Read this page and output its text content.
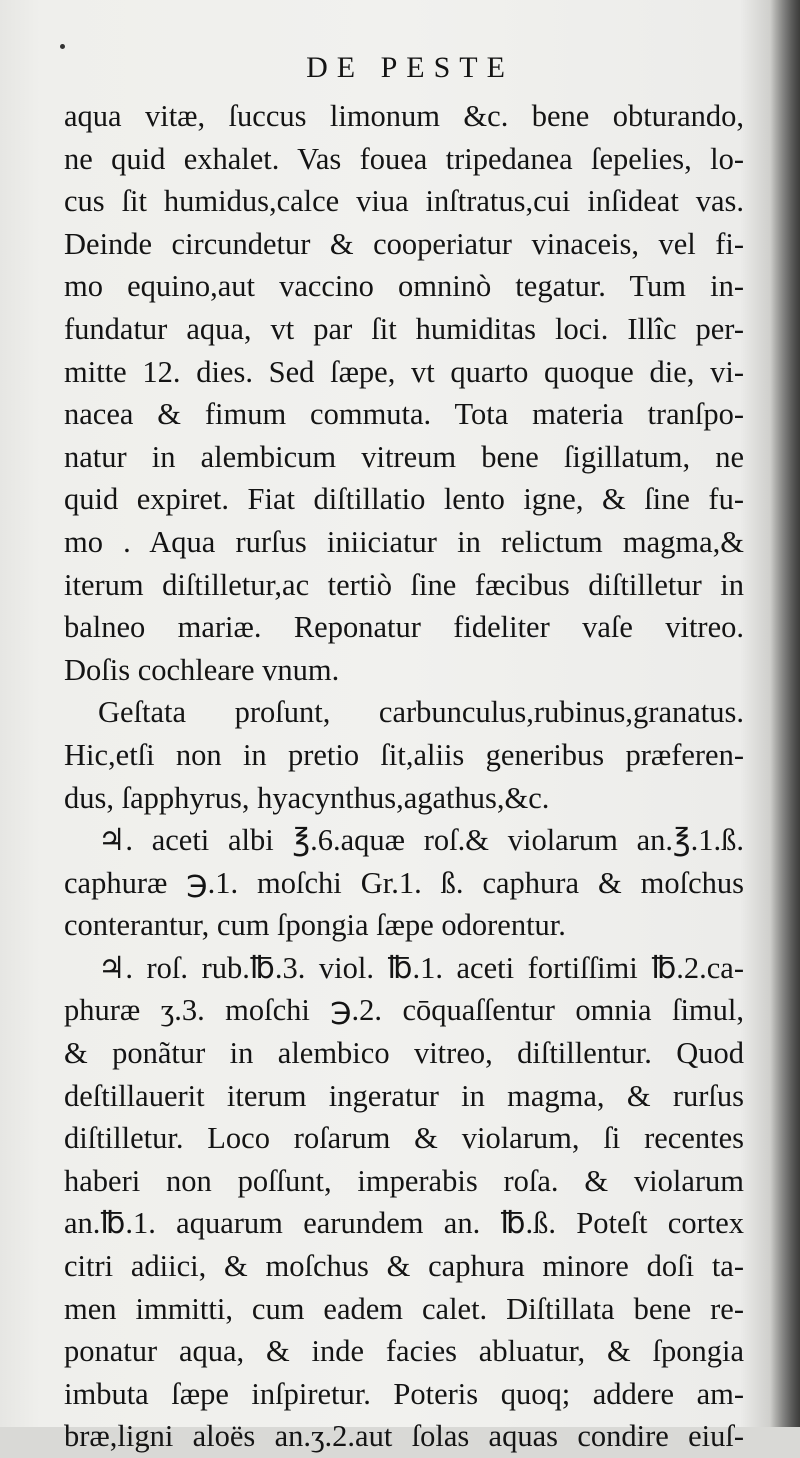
DE PESTE
aqua vitæ, ſuccus limonum &c. bene obturando,
ne quid exhalet. Vas fouea tripedanea ſepelies, lo-
cus ſit humidus,calce viua inſtratus,cui inſideat vas.
Deinde circundetur & cooperiatur vinaceis, vel fi-
mo equino,aut vaccino omninò tegatur. Tum in-
fundatur aqua, vt par ſit humiditas loci. Illîc per-
mitte 12. dies. Sed ſæpe, vt quarto quoque die, vi-
nacea & fimum commuta. Tota materia tranſpo-
natur in alembicum vitreum bene ſigillatum, ne
quid expiret. Fiat diſtillatio lento igne, & ſine fu-
mo . Aqua rurſus iniiciatur in relictum magma,&
iterum diſtilletur,ac tertiò ſine fæcibus diſtilletur in
balneo mariæ. Reponatur fideliter vaſe vitreo.
Doſis cochleare vnum.
Geſtata proſunt, carbunculus,rubinus,granatus.
Hic,etſi non in pretio ſit,aliis generibus præferen-
dus, ſapphyrus, hyacynthus,agathus,&c.
♃. aceti albi ℥.6.aquæ roſ.& violarum an.℥.1.ß.
caphuræ ℈.1. moſchi Gr.1. ß. caphura & moſchus
conterantur, cum ſpongia ſæpe odorentur.
♃. roſ. rub.℔.3. viol. ℔.1. aceti fortiſſimi ℔.2.ca-
phuræ ʒ.3. moſchi ℈.2. cōquaſſentur omnia ſimul,
& ponãtur in alembico vitreo, diſtillentur. Quod
deſtillauerit iterum ingeratur in magma, & rurſus
diſtilletur. Loco roſarum & violarum, ſi recentes
haberi non poſſunt, imperabis roſa. & violarum
an.℔.1. aquarum earundem an. ℔.ß. Poteſt cortex
citri adiici, & moſchus & caphura minore doſi ta-
men immitti, cum eadem calet. Diſtillata bene re-
ponatur aqua, & inde facies abluatur, & ſpongia
imbuta ſæpe inſpiretur. Poteris quoq; addere am-
bræ,ligni aloës an.ʒ.2.aut ſolas aquas condire eiuſ-
